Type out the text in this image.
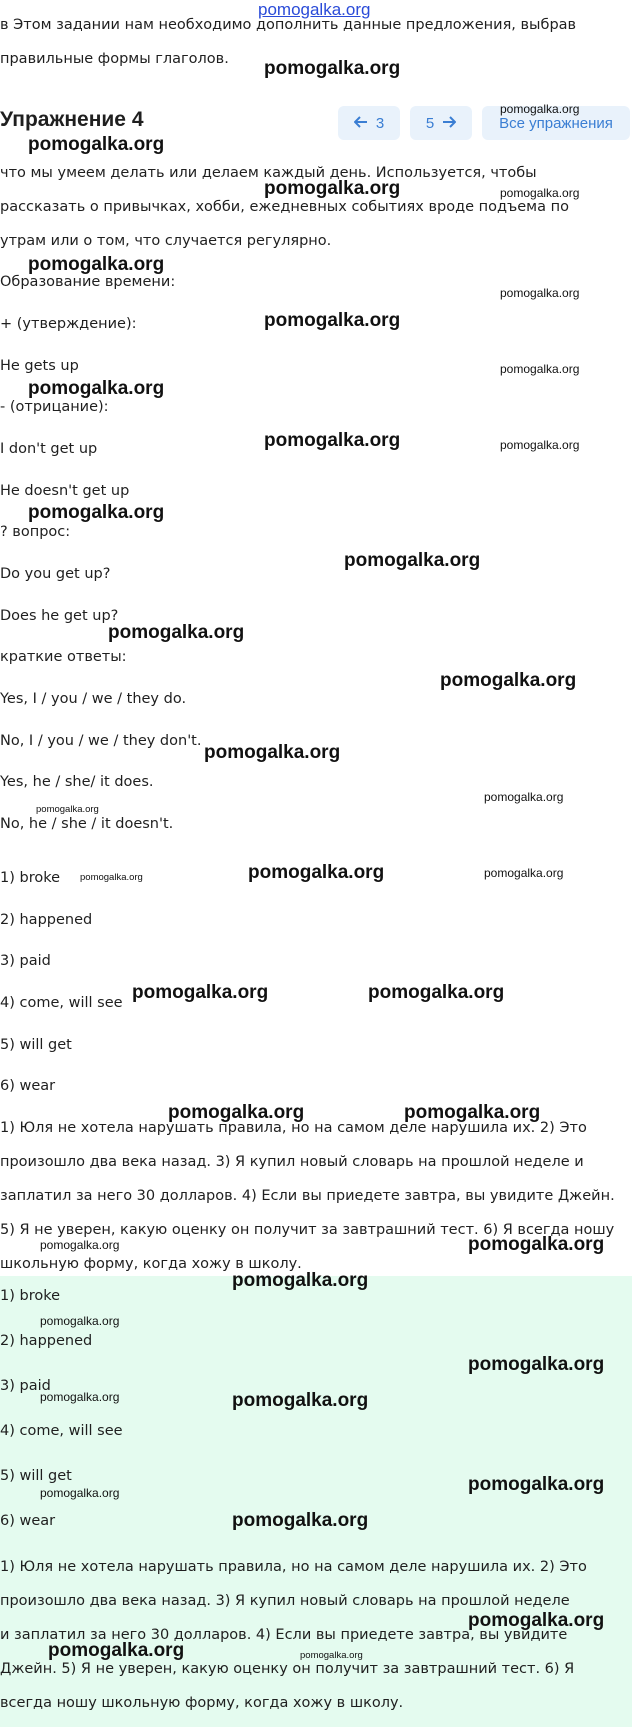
pomogalka.org

в Этом задании нам необходимо дополнить данные предложения, выбрав

правильные формы глаголов.

Упражнение 4	3	5	Все упражнения

что мы умеем делать или делаем каждый день. Используется, чтобы

рассказать о привычках, хобби, ежедневных событиях вроде подъема по

утрам или о том, что случается регулярно.

Образование времени:

+ (утверждение):

He gets up

- (отрицание):

I don't get up

He doesn't get up

? вопрос:

Do you get up?

Does he get up?

краткие ответы:

Yes, I / you / we / they do.

No, I / you / we / they don't.

Yes, he / she/ it does.

No, he / she / it doesn't.

1) broke

2) happened

3) paid

4) come, will see

5) will get

6) wear

1) Юля не хотела нарушать правила, но на самом деле нарушила их. 2) Это

произошло два века назад. 3) Я купил новый словарь на прошлой неделе и

заплатил за него 30 долларов. 4) Если вы приедете завтра, вы увидите Джейн.

5) Я не уверен, какую оценку он получит за завтрашний тест. 6) Я всегда ношу

школьную форму, когда хожу в школу.

1) broke

2) happened

3) paid

4) come, will see

5) will get

6) wear

1) Юля не хотела нарушать правила, но на самом деле нарушила их. 2) Это

произошло два века назад. 3) Я купил новый словарь на прошлой неделе

и заплатил за него 30 долларов. 4) Если вы приедете завтра, вы увидите

Джейн. 5) Я не уверен, какую оценку он получит за завтрашний тест. 6) Я

всегда ношу школьную форму, когда хожу в школу.

pomogalka.org
pomogalka.org
pomogalka.org
pomogalka.org	pomogalka.org
pomogalka.org
pomogalka.org
pomogalka.org
pomogalka.org
pomogalka.org
pomogalka.org	pomogalka.org
pomogalka.org
pomogalka.org
pomogalka.org
pomogalka.org
pomogalka.org
pomogalka.org
pomogalka.org
pomogalka.org	pomogalka.org	pomogalka.org
pomogalka.org	pomogalka.org
pomogalka.org	pomogalka.org
pomogalka.org	pomogalka.org
pomogalka.org
pomogalka.org
pomogalka.org
pomogalka.org	pomogalka.org
pomogalka.org
pomogalka.org
pomogalka.org
pomogalka.org
pomogalka.org	pomogalka.org
